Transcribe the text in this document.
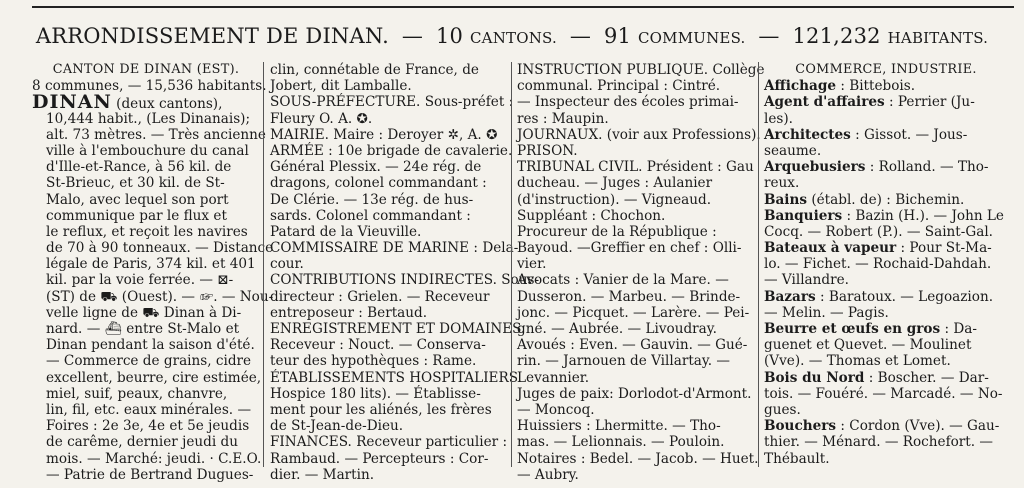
ARRONDISSEMENT DE DINAN. — 10 CANTONS. — 91 COMMUNES. — 121,232 HABITANTS.
CANTON DE DINAN (EST).
8 communes, — 15,536 habitants.
DINAN (deux cantons),
10,444 habit., (Les Dinanais);
alt. 73 mètres. — Très ancienne
ville à l'embouchure du canal
d'Ille-et-Rance, à 56 kil. de
St-Brieuc, et 30 kil. de St-
Malo, avec lequel son port
communique par le flux et
le reflux, et reçoit les navires
de 70 à 90 tonneaux. — Distance
légale de Paris, 374 kil. et 401
kil. par la voie ferrée. — ⊠-
(ST) de ⛟ (Ouest). — ☞. — Nou-
velle ligne de ⛟ Dinan à Di-
nard. — ⛴ entre St-Malo et
Dinan pendant la saison d'été.
— Commerce de grains, cidre
excellent, beurre, cire estimée,
miel, suif, peaux, chanvre,
lin, fil, etc. eaux minérales. —
Foires : 2e 3e, 4e et 5e jeudis
de carême, dernier jeudi du
mois. — Marché: jeudi. · C.E.O.
— Patrie de Bertrand Dugues-
clin, connétable de France, de
Jobert, dit Lamballe.
SOUS-PRÉFECTURE. Sous-préfet :
Fleury O. A. ✪.
MAIRIE. Maire : Deroyer ✲, A. ✪
ARMÉE : 10e brigade de cavalerie.
Général Plessix. — 24e rég. de
dragons, colonel commandant :
De Clérie. — 13e rég. de hus-
sards. Colonel commandant :
Patard de la Vieuville.
COMMISSAIRE DE MARINE : Dela-
cour.
CONTRIBUTIONS INDIRECTES. Sous-
directeur : Grielen. — Receveur
entreposeur : Bertaud.
ENREGISTREMENT ET DOMAINES.
Receveur : Nouct. — Conserva-
teur des hypothèques : Rame.
ÉTABLISSEMENTS HOSPITALIERS.
Hospice 180 lits). — Établisse-
ment pour les aliénés, les frères
de St-Jean-de-Dieu.
FINANCES. Receveur particulier :
Rambaud. — Percepteurs : Cor-
dier. — Martin.
INSTRUCTION PUBLIQUE. Collège
communal. Principal : Cintré.
— Inspecteur des écoles primai-
res : Maupin.
JOURNAUX. (voir aux Professions).
PRISON.
TRIBUNAL CIVIL. Président : Gau
ducheau. — Juges : Aulanier
(d'instruction). — Vigneaud.
Suppléant : Chochon.
Procureur de la République :
Bayoud. —Greffier en chef : Olli-
vier.
Avocats : Vanier de la Mare. —
Dusseron. — Marbeu. — Brinde-
jonc. — Picquet. — Larère. — Pei-
gné. — Aubrée. — Livoudray.
Avoués : Even. — Gauvin. — Gué-
rin. — Jarnouen de Villartay. —
Levannier.
Juges de paix: Dorlodot-d'Armont.
— Moncoq.
Huissiers : Lhermitte. — Tho-
mas. — Lelionnais. — Pouloin.
Notaires : Bedel. — Jacob. — Huet.
— Aubry.
COMMERCE, INDUSTRIE.
Affichage : Bittebois.
Agent d'affaires : Perrier (Ju-
les).
Architectes : Gissot. — Jous-
seaume.
Arquebusiers : Rolland. — Tho-
reux.
Bains (établ. de) : Bichemin.
Banquiers : Bazin (H.). — John Le
Cocq. — Robert (P.). — Saint-Gal.
Bateaux à vapeur : Pour St-Ma-
lo. — Fichet. — Rochaid-Dahdah.
— Villandre.
Bazars : Baratoux. — Legoazion.
— Melin. — Pagis.
Beurre et œufs en gros : Da-
guenet et Quevet. — Moulinet
(Vve). — Thomas et Lomet.
Bois du Nord : Boscher. — Dar-
tois. — Fouéré. — Marcadé. — No-
gues.
Bouchers : Cordon (Vve). — Gau-
thier. — Ménard. — Rochefort. —
Thébault.
